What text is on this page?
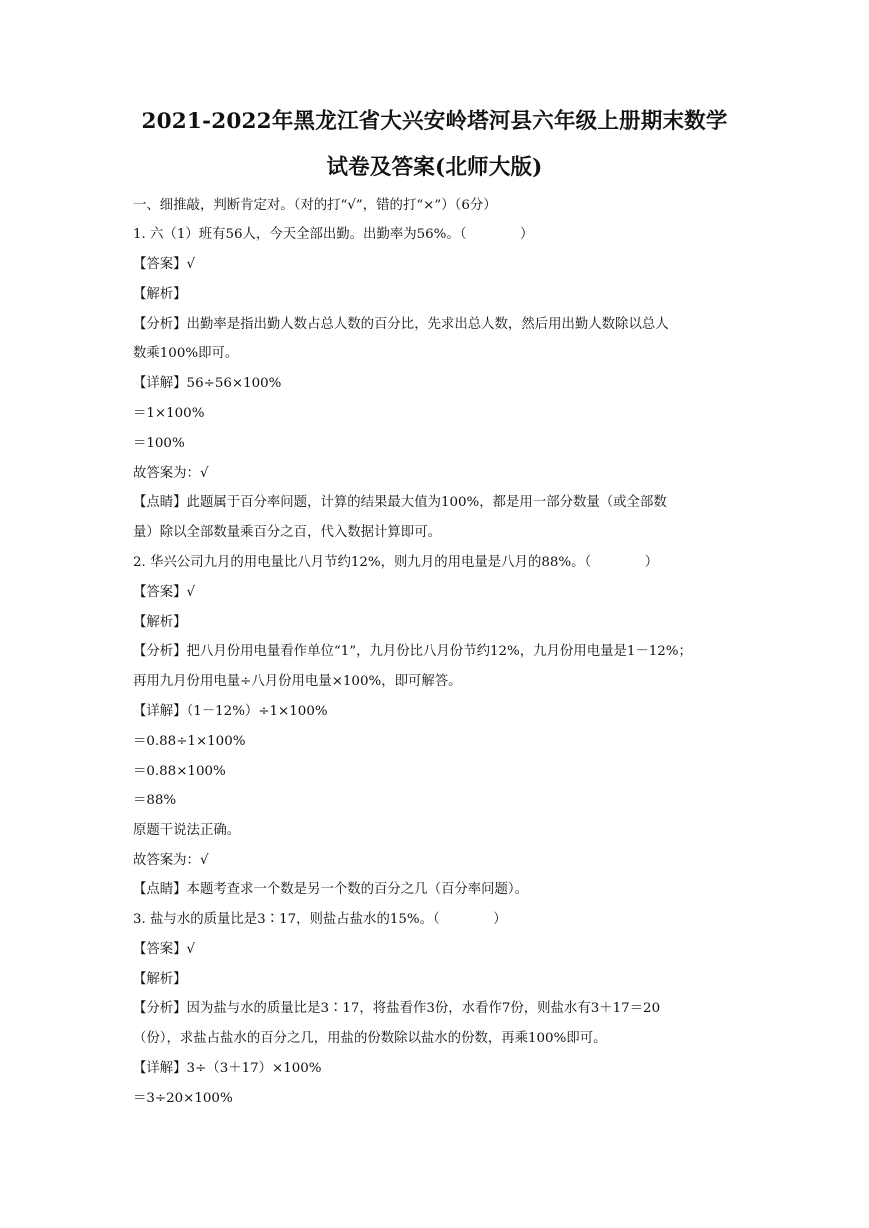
2021-2022年黑龙江省大兴安岭塔河县六年级上册期末数学
试卷及答案(北师大版)
一、细推敲，判断肯定对。（对的打“√”，错的打“×”）（6分）
1. 六（1）班有56人，今天全部出勤。出勤率为56%。（　　　　）
【答案】√
【解析】
【分析】出勤率是指出勤人数占总人数的百分比，先求出总人数，然后用出勤人数除以总人
数乘100%即可。
【详解】56÷56×100%
＝1×100%
＝100%
故答案为：√
【点睛】此题属于百分率问题，计算的结果最大值为100%，都是用一部分数量（或全部数
量）除以全部数量乘百分之百，代入数据计算即可。
2. 华兴公司九月的用电量比八月节约12%，则九月的用电量是八月的88%。（　　　　）
【答案】√
【解析】
【分析】把八月份用电量看作单位“1”，九月份比八月份节约12%，九月份用电量是1－12%；
再用九月份用电量÷八月份用电量×100%，即可解答。
【详解】（1－12%）÷1×100%
＝0.88÷1×100%
＝0.88×100%
＝88%
原题干说法正确。
故答案为：√
【点睛】本题考查求一个数是另一个数的百分之几（百分率问题）。
3. 盐与水的质量比是3∶17，则盐占盐水的15%。（　　　　）
【答案】√
【解析】
【分析】因为盐与水的质量比是3∶17，将盐看作3份，水看作7份，则盐水有3＋17＝20
（份），求盐占盐水的百分之几，用盐的份数除以盐水的份数，再乘100%即可。
【详解】3÷（3＋17）×100%
＝3÷20×100%
